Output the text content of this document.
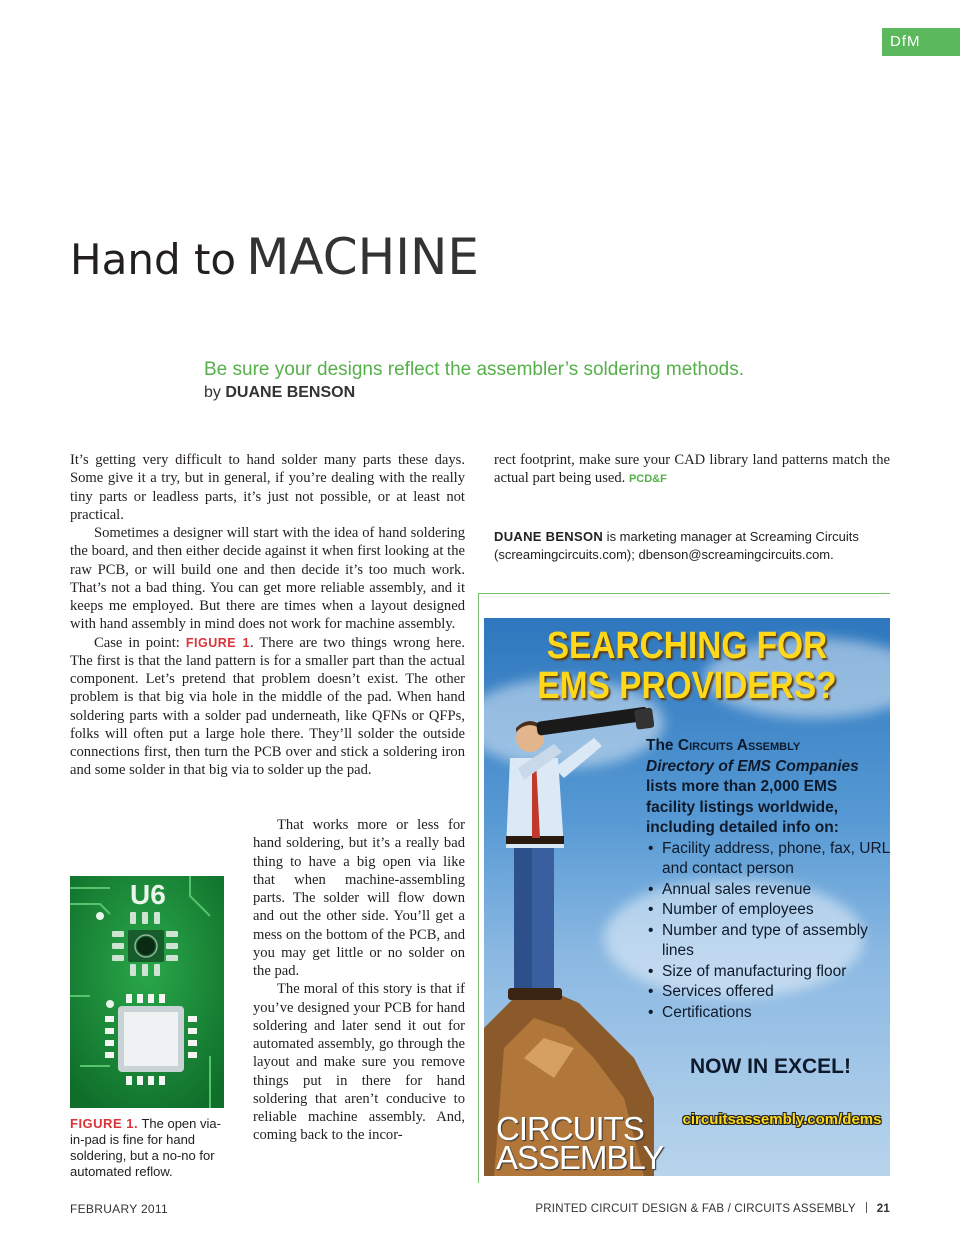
DfM
Hand to MACHINE

Be sure your designs reflect the assembler’s soldering methods.

by DUANE BENSON

It’s getting very difficult to hand solder many parts these days. Some give it a try, but in general, if you’re dealing with the really tiny parts or leadless parts, it’s just not possible, or at least not practical.

Sometimes a designer will start with the idea of hand soldering the board, and then either decide against it when first looking at the raw PCB, or will build one and then decide it’s too much work. That’s not a bad thing. You can get more reliable assembly, and it keeps me employed. But there are times when a layout designed with hand assembly in mind does not work for machine assembly.

Case in point: FIGURE 1. There are two things wrong here. The first is that the land pattern is for a smaller part than the actual component. Let’s pretend that problem doesn’t exist. The other problem is that big via hole in the middle of the pad. When hand soldering parts with a solder pad underneath, like QFNs or QFPs, folks will often put a large hole there. They’ll solder the outside connections first, then turn the PCB over and stick a soldering iron and some solder in that big via to solder up the pad.

That works more or less for hand soldering, but it’s a really bad thing to have a big open via like that when machine-assembling parts. The solder will flow down and out the other side. You’ll get a mess on the bottom of the PCB, and you may get little or no solder on the pad.

The moral of this story is that if you’ve designed your PCB for hand soldering and later send it out for automated assembly, go through the layout and make sure you remove things put in there for hand soldering that aren’t conducive to reliable machine assembly. And, coming back to the incor-

rect footprint, make sure your CAD library land patterns match the actual part being used. PCD&F

DUANE BENSON is marketing manager at Screaming Circuits (screamingcircuits.com); dbenson@screamingcircuits.com.
U6
FIGURE 1. The open via-in-pad is fine for hand soldering, but a no-no for automated reflow.
SEARCHING FOR
EMS PROVIDERS?
The Circuits Assembly
Directory of EMS Companies
lists more than 2,000 EMS facility listings worldwide, including detailed info on:
• Facility address, phone, fax, URL and contact person
• Annual sales revenue
• Number of employees
• Number and type of assembly lines
• Size of manufacturing floor
• Services offered
• Certifications
NOW IN EXCEL!
circuitsassembly.com/dems
CIRCUITS
ASSEMBLY
FEBRUARY 2011	PRINTED CIRCUIT DESIGN & FAB / CIRCUITS ASSEMBLY 21
